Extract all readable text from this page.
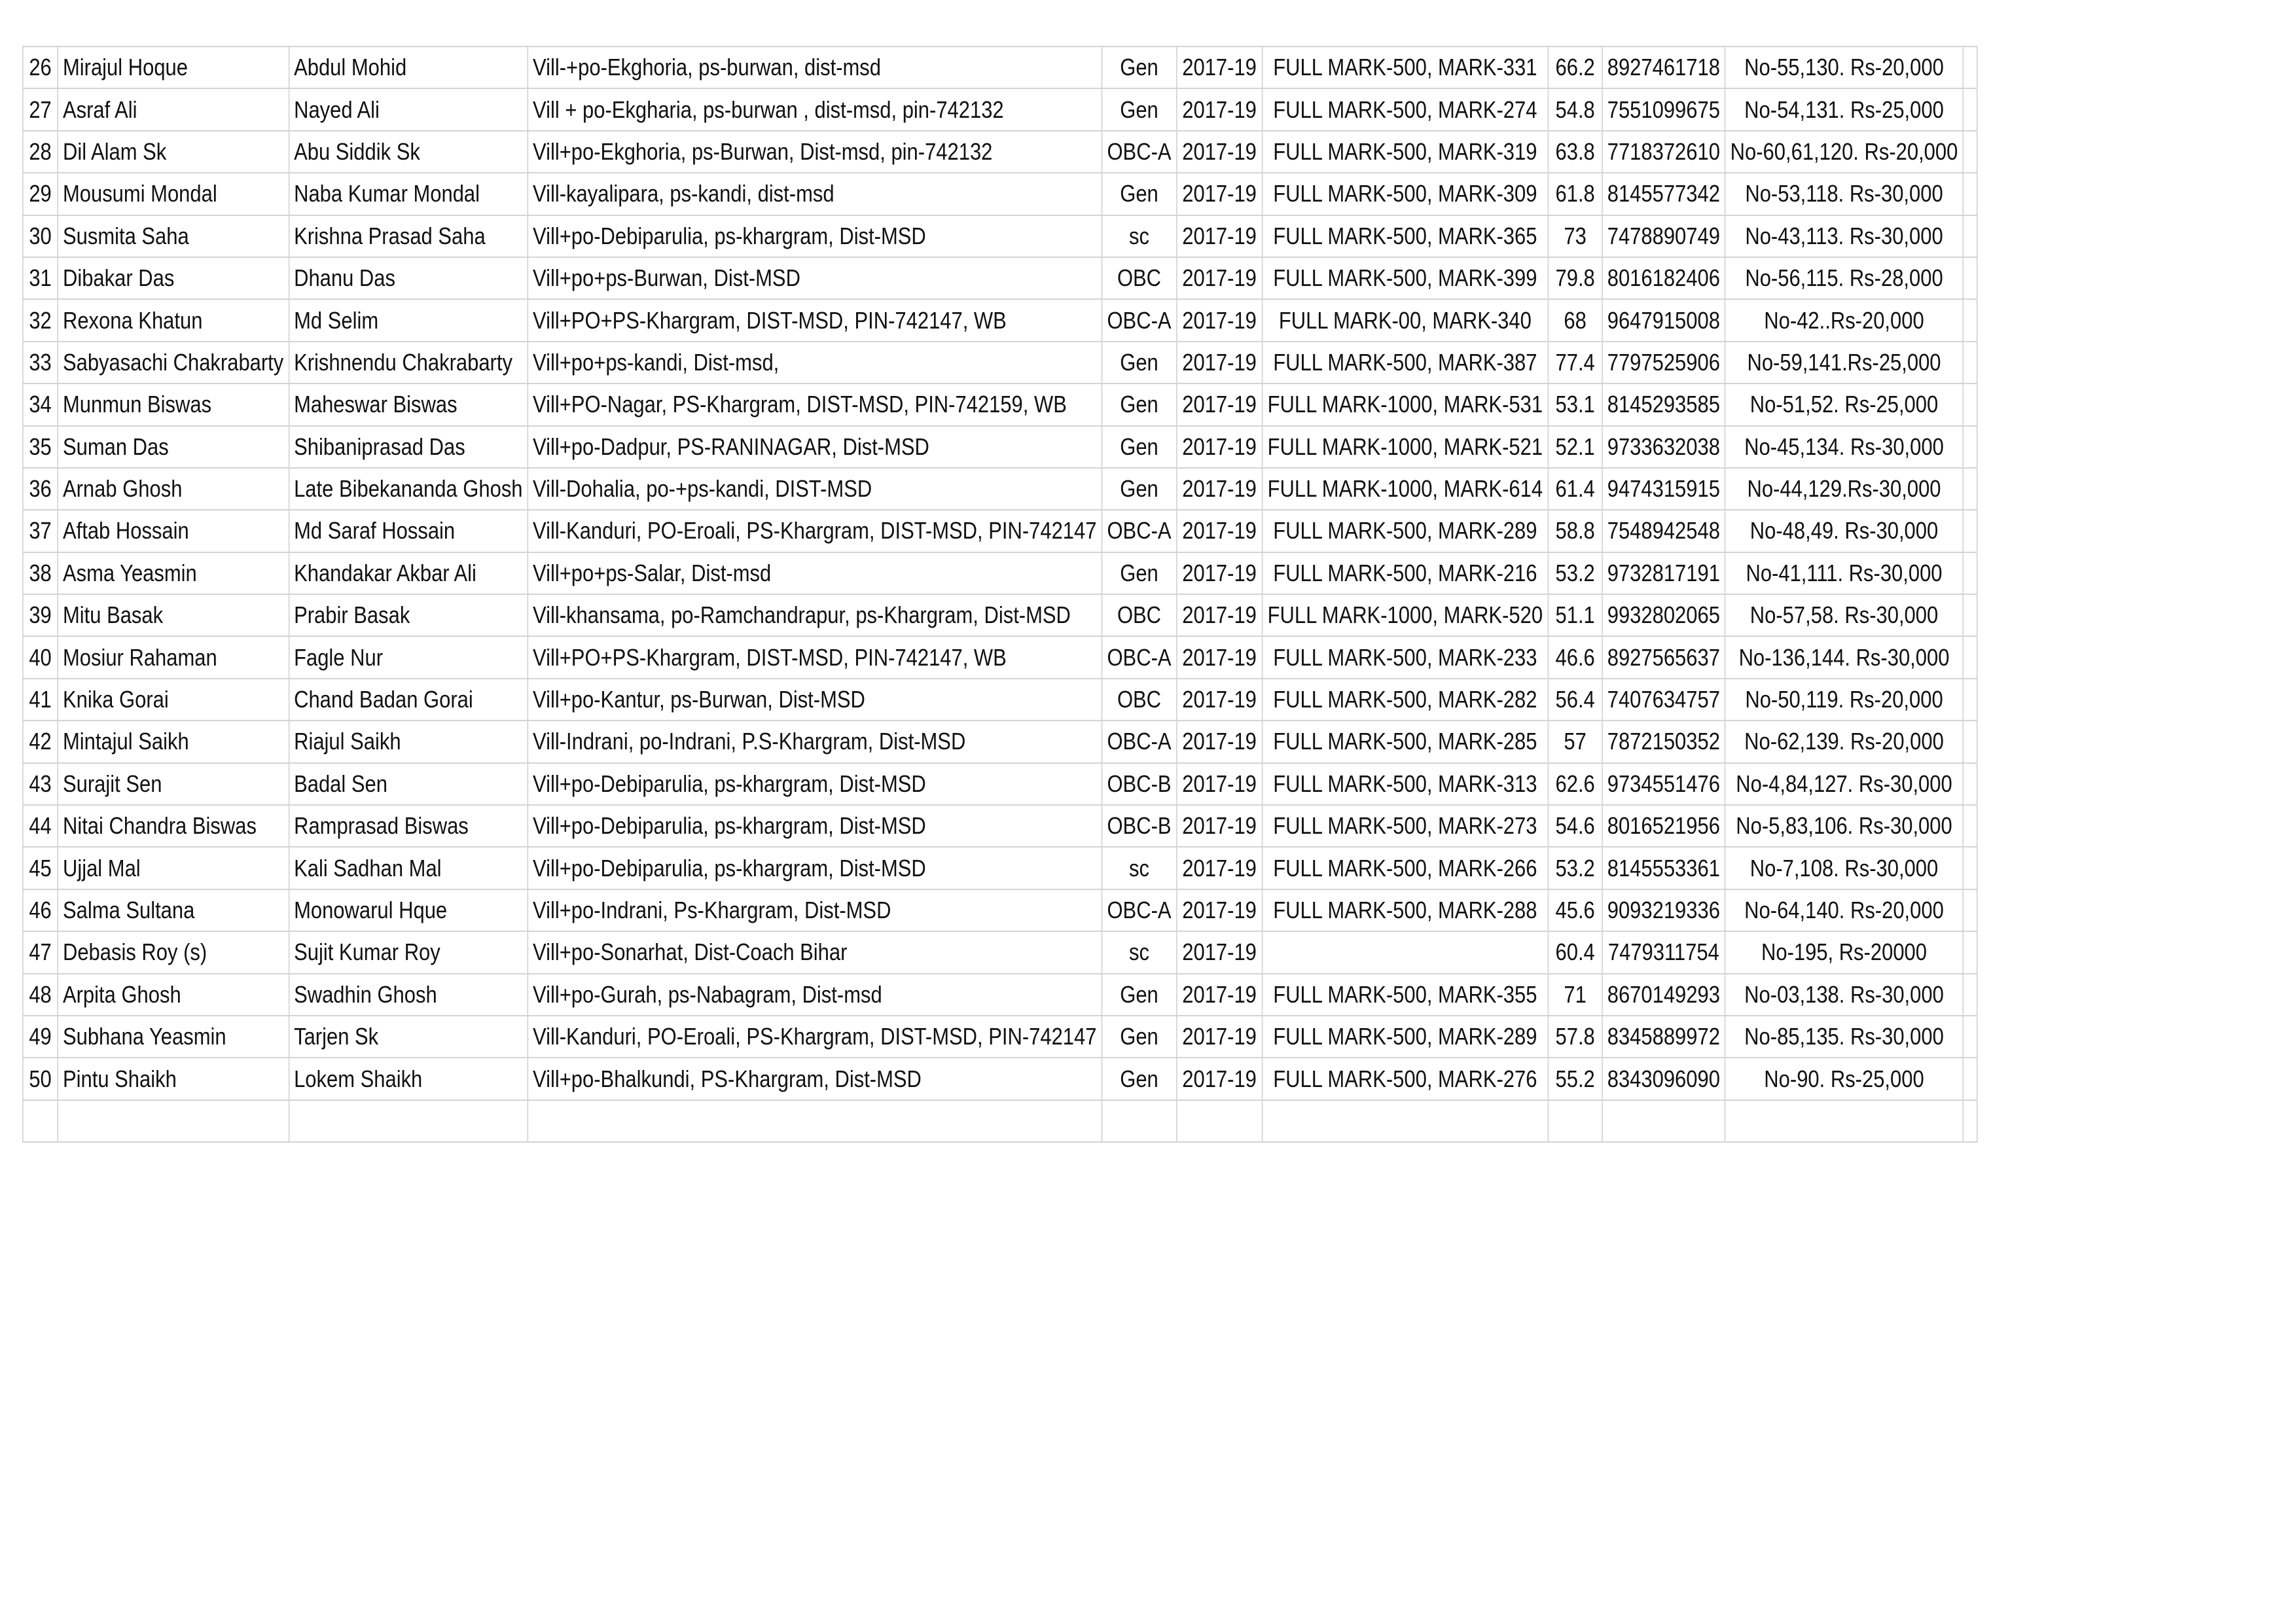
26	Mirajul Hoque	Abdul Mohid	Vill-+po-Ekghoria, ps-burwan, dist-msd	Gen	2017-19	FULL MARK-500, MARK-331	66.2	8927461718	No-55,130. Rs-20,000	
27	Asraf Ali	Nayed Ali	Vill + po-Ekgharia, ps-burwan , dist-msd, pin-742132	Gen	2017-19	FULL MARK-500, MARK-274	54.8	7551099675	No-54,131. Rs-25,000	
28	Dil Alam Sk	Abu Siddik Sk	Vill+po-Ekghoria, ps-Burwan, Dist-msd, pin-742132	OBC-A	2017-19	FULL MARK-500, MARK-319	63.8	7718372610	No-60,61,120. Rs-20,000	
29	Mousumi Mondal	Naba Kumar Mondal	Vill-kayalipara, ps-kandi, dist-msd	Gen	2017-19	FULL MARK-500, MARK-309	61.8	8145577342	No-53,118. Rs-30,000	
30	Susmita Saha	Krishna Prasad Saha	Vill+po-Debiparulia, ps-khargram, Dist-MSD	sc	2017-19	FULL MARK-500, MARK-365	73	7478890749	No-43,113. Rs-30,000	
31	Dibakar Das	Dhanu Das	Vill+po+ps-Burwan, Dist-MSD	OBC	2017-19	FULL MARK-500, MARK-399	79.8	8016182406	No-56,115. Rs-28,000	
32	Rexona Khatun	Md Selim	Vill+PO+PS-Khargram, DIST-MSD, PIN-742147, WB	OBC-A	2017-19	FULL MARK-00, MARK-340	68	9647915008	No-42..Rs-20,000	
33	Sabyasachi Chakrabarty	Krishnendu Chakrabarty	Vill+po+ps-kandi, Dist-msd,	Gen	2017-19	FULL MARK-500, MARK-387	77.4	7797525906	No-59,141.Rs-25,000	
34	Munmun Biswas	Maheswar Biswas	Vill+PO-Nagar, PS-Khargram, DIST-MSD, PIN-742159, WB	Gen	2017-19	FULL MARK-1000, MARK-531	53.1	8145293585	No-51,52. Rs-25,000	
35	Suman Das	Shibaniprasad Das	Vill+po-Dadpur, PS-RANINAGAR, Dist-MSD	Gen	2017-19	FULL MARK-1000, MARK-521	52.1	9733632038	No-45,134. Rs-30,000	
36	Arnab Ghosh	Late Bibekananda Ghosh	Vill-Dohalia, po-+ps-kandi, DIST-MSD	Gen	2017-19	FULL MARK-1000, MARK-614	61.4	9474315915	No-44,129.Rs-30,000	
37	Aftab Hossain	Md Saraf Hossain	Vill-Kanduri, PO-Eroali, PS-Khargram, DIST-MSD, PIN-742147	OBC-A	2017-19	FULL MARK-500, MARK-289	58.8	7548942548	No-48,49. Rs-30,000	
38	Asma Yeasmin	Khandakar Akbar Ali	Vill+po+ps-Salar, Dist-msd	Gen	2017-19	FULL MARK-500, MARK-216	53.2	9732817191	No-41,111. Rs-30,000	
39	Mitu Basak	Prabir Basak	Vill-khansama, po-Ramchandrapur, ps-Khargram, Dist-MSD	OBC	2017-19	FULL MARK-1000, MARK-520	51.1	9932802065	No-57,58. Rs-30,000	
40	Mosiur Rahaman	Fagle Nur	Vill+PO+PS-Khargram, DIST-MSD, PIN-742147, WB	OBC-A	2017-19	FULL MARK-500, MARK-233	46.6	8927565637	No-136,144. Rs-30,000	
41	Knika Gorai	Chand Badan Gorai	Vill+po-Kantur, ps-Burwan, Dist-MSD	OBC	2017-19	FULL MARK-500, MARK-282	56.4	7407634757	No-50,119. Rs-20,000	
42	Mintajul Saikh	Riajul Saikh	Vill-Indrani, po-Indrani, P.S-Khargram, Dist-MSD	OBC-A	2017-19	FULL MARK-500, MARK-285	57	7872150352	No-62,139. Rs-20,000	
43	Surajit Sen	Badal Sen	Vill+po-Debiparulia, ps-khargram, Dist-MSD	OBC-B	2017-19	FULL MARK-500, MARK-313	62.6	9734551476	No-4,84,127. Rs-30,000	
44	Nitai Chandra Biswas	Ramprasad Biswas	Vill+po-Debiparulia, ps-khargram, Dist-MSD	OBC-B	2017-19	FULL MARK-500, MARK-273	54.6	8016521956	No-5,83,106. Rs-30,000	
45	Ujjal Mal	Kali Sadhan Mal	Vill+po-Debiparulia, ps-khargram, Dist-MSD	sc	2017-19	FULL MARK-500, MARK-266	53.2	8145553361	No-7,108. Rs-30,000	
46	Salma Sultana	Monowarul Hque	Vill+po-Indrani, Ps-Khargram, Dist-MSD	OBC-A	2017-19	FULL MARK-500, MARK-288	45.6	9093219336	No-64,140. Rs-20,000	
47	Debasis Roy (s)	Sujit Kumar Roy	Vill+po-Sonarhat, Dist-Coach Bihar	sc	2017-19		60.4	7479311754	No-195, Rs-20000	
48	Arpita Ghosh	Swadhin Ghosh	Vill+po-Gurah, ps-Nabagram, Dist-msd	Gen	2017-19	FULL MARK-500, MARK-355	71	8670149293	No-03,138. Rs-30,000	
49	Subhana Yeasmin	Tarjen Sk	Vill-Kanduri, PO-Eroali, PS-Khargram, DIST-MSD, PIN-742147	Gen	2017-19	FULL MARK-500, MARK-289	57.8	8345889972	No-85,135. Rs-30,000	
50	Pintu Shaikh	Lokem Shaikh	Vill+po-Bhalkundi, PS-Khargram, Dist-MSD	Gen	2017-19	FULL MARK-500, MARK-276	55.2	8343096090	No-90. Rs-25,000	
